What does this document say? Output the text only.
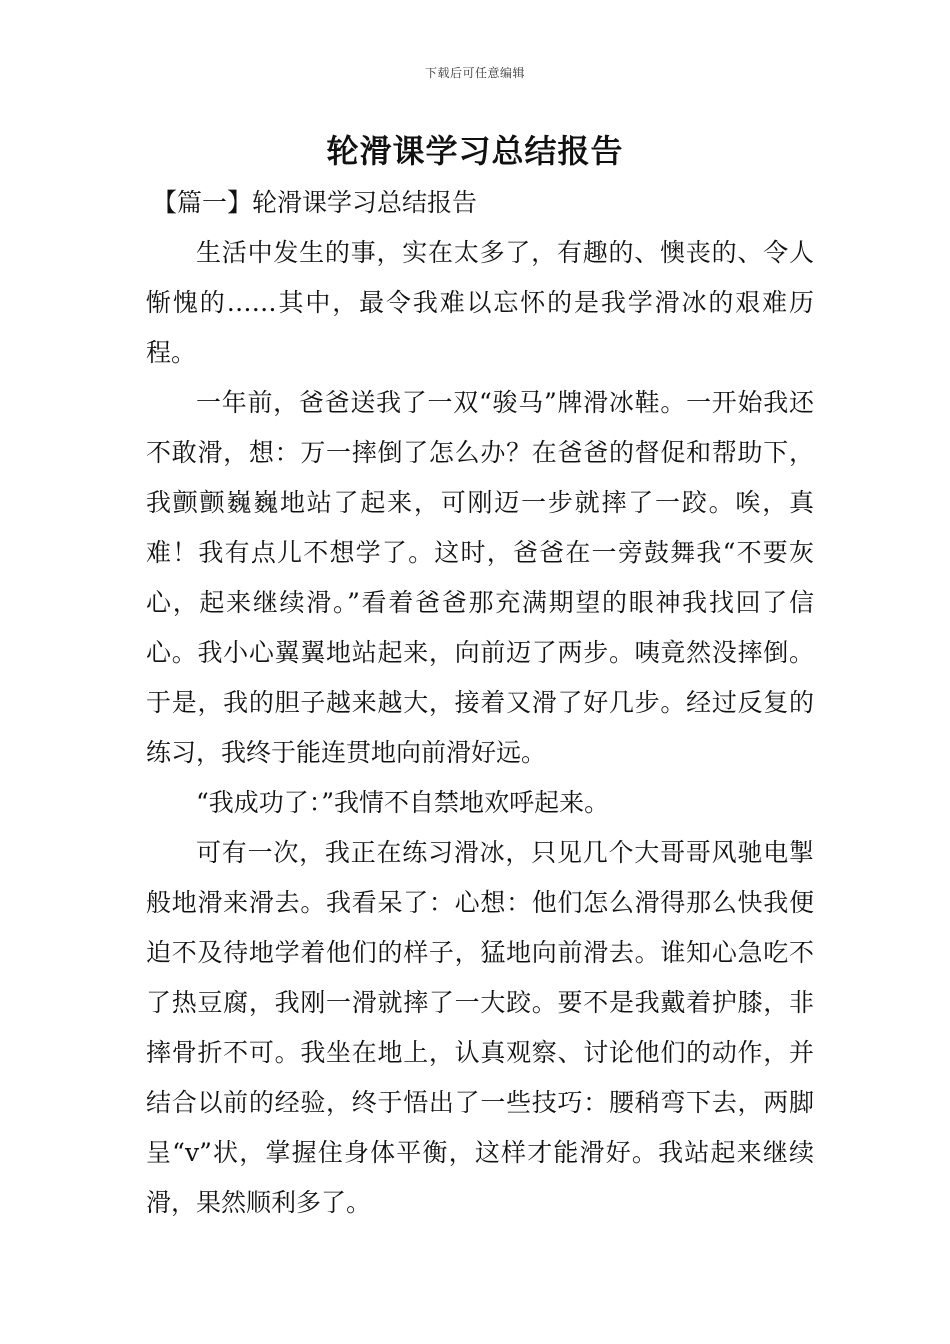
下载后可任意编辑
轮滑课学习总结报告
【篇一】轮滑课学习总结报告

生活中发生的事，实在太多了，有趣的、懊丧的、令人惭愧的……其中，最令我难以忘怀的是我学滑冰的艰难历程。

一年前，爸爸送我了一双“骏马”牌滑冰鞋。一开始我还不敢滑，想：万一摔倒了怎么办？在爸爸的督促和帮助下，我颤颤巍巍地站了起来，可刚迈一步就摔了一跤。唉，真难！我有点儿不想学了。这时，爸爸在一旁鼓舞我“不要灰心，起来继续滑。”看着爸爸那充满期望的眼神我找回了信心。我小心翼翼地站起来，向前迈了两步。咦竟然没摔倒。于是，我的胆子越来越大，接着又滑了好几步。经过反复的练习，我终于能连贯地向前滑好远。

“我成功了：”我情不自禁地欢呼起来。

可有一次，我正在练习滑冰，只见几个大哥哥风驰电掣般地滑来滑去。我看呆了：心想：他们怎么滑得那么快我便迫不及待地学着他们的样子，猛地向前滑去。谁知心急吃不了热豆腐，我刚一滑就摔了一大跤。要不是我戴着护膝，非摔骨折不可。我坐在地上，认真观察、讨论他们的动作，并结合以前的经验，终于悟出了一些技巧：腰稍弯下去，两脚呈“v”状，掌握住身体平衡，这样才能滑好。我站起来继续滑，果然顺利多了。
